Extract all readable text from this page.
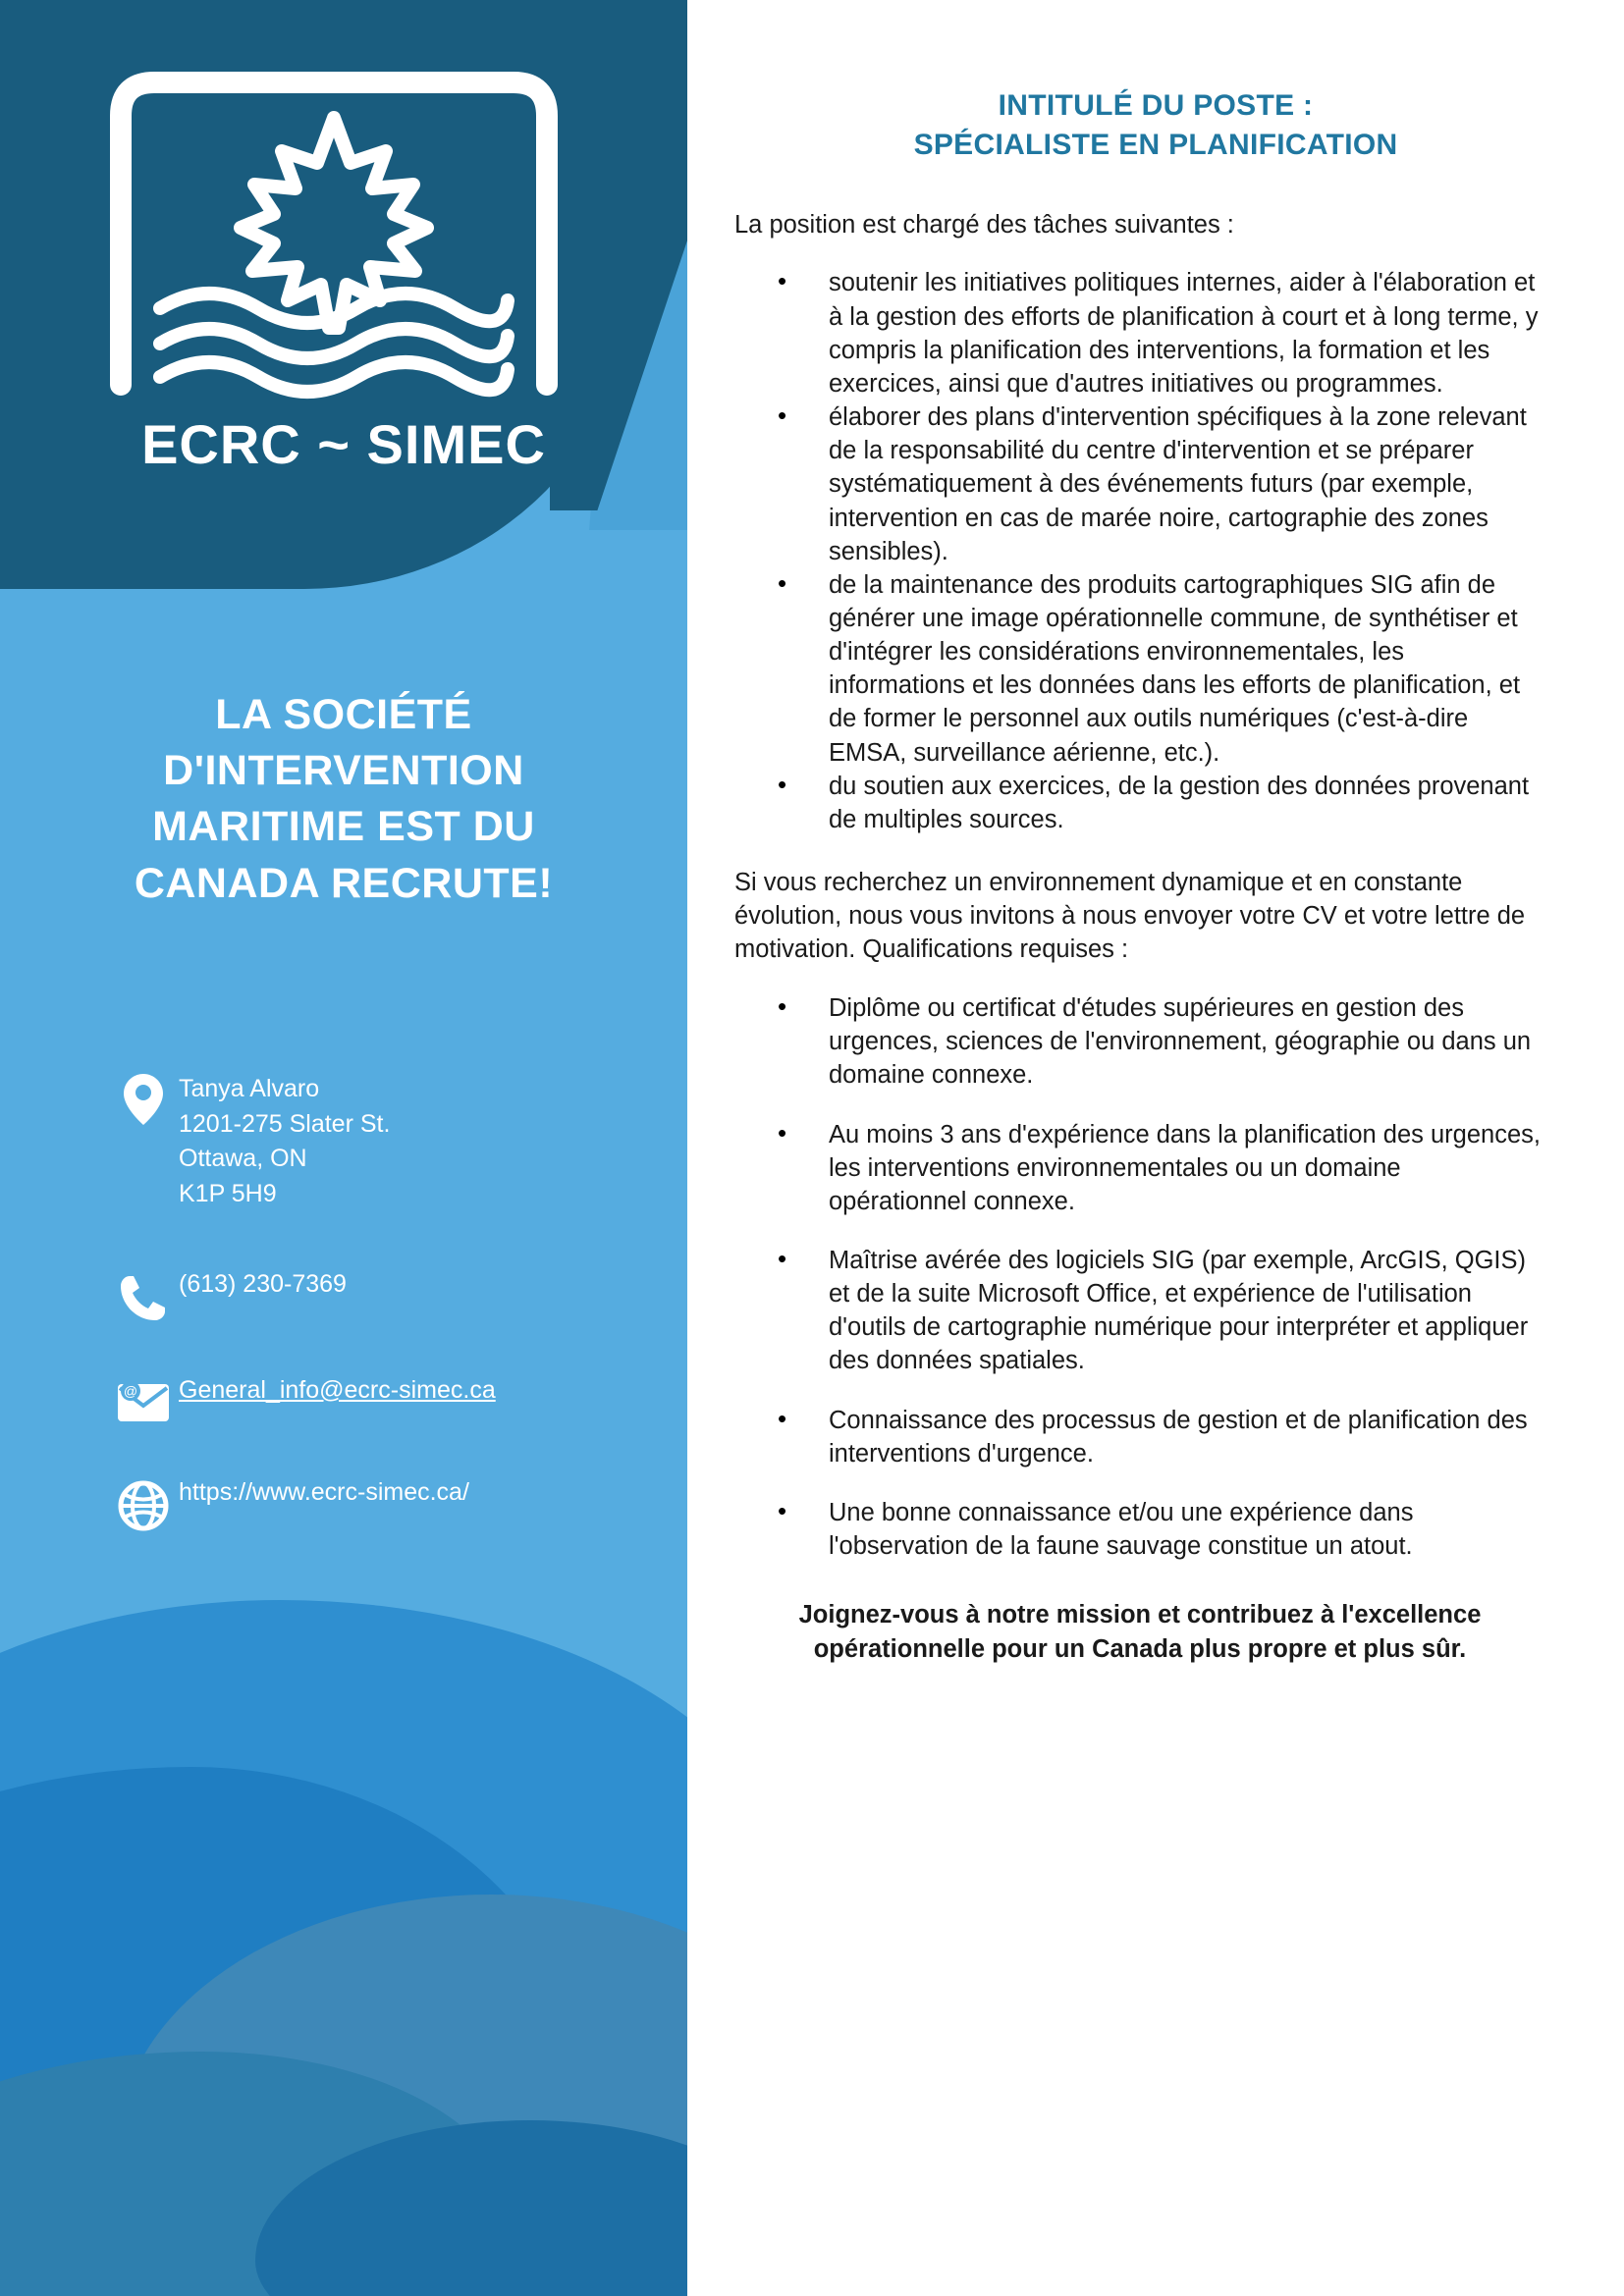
ECRC ~ SIMEC
LA SOCIÉTÉ D'INTERVENTION MARITIME EST DU CANADA RECRUTE!
Tanya Alvaro
1201-275 Slater St.
Ottawa, ON
K1P 5H9
(613) 230-7369
@ General_info@ecrc-simec.ca
https://www.ecrc-simec.ca/
INTITULÉ DU POSTE :
SPÉCIALISTE EN PLANIFICATION

La position est chargé des tâches suivantes :

• soutenir les initiatives politiques internes, aider à l'élaboration et à la gestion des efforts de planification à court et à long terme, y compris la planification des interventions, la formation et les exercices, ainsi que d'autres initiatives ou programmes.
• élaborer des plans d'intervention spécifiques à la zone relevant de la responsabilité du centre d'intervention et se préparer systématiquement à des événements futurs (par exemple, intervention en cas de marée noire, cartographie des zones sensibles).
• de la maintenance des produits cartographiques SIG afin de générer une image opérationnelle commune, de synthétiser et d'intégrer les considérations environnementales, les informations et les données dans les efforts de planification, et de former le personnel aux outils numériques (c'est-à-dire EMSA, surveillance aérienne, etc.).
• du soutien aux exercices, de la gestion des données provenant de multiples sources.

Si vous recherchez un environnement dynamique et en constante évolution, nous vous invitons à nous envoyer votre CV et votre lettre de motivation. Qualifications requises :

• Diplôme ou certificat d'études supérieures en gestion des urgences, sciences de l'environnement, géographie ou dans un domaine connexe.
• Au moins 3 ans d'expérience dans la planification des urgences, les interventions environnementales ou un domaine opérationnel connexe.
• Maîtrise avérée des logiciels SIG (par exemple, ArcGIS, QGIS) et de la suite Microsoft Office, et expérience de l'utilisation d'outils de cartographie numérique pour interpréter et appliquer des données spatiales.
• Connaissance des processus de gestion et de planification des interventions d'urgence.
• Une bonne connaissance et/ou une expérience dans l'observation de la faune sauvage constitue un atout.

Joignez-vous à notre mission et contribuez à l'excellence opérationnelle pour un Canada plus propre et plus sûr.
